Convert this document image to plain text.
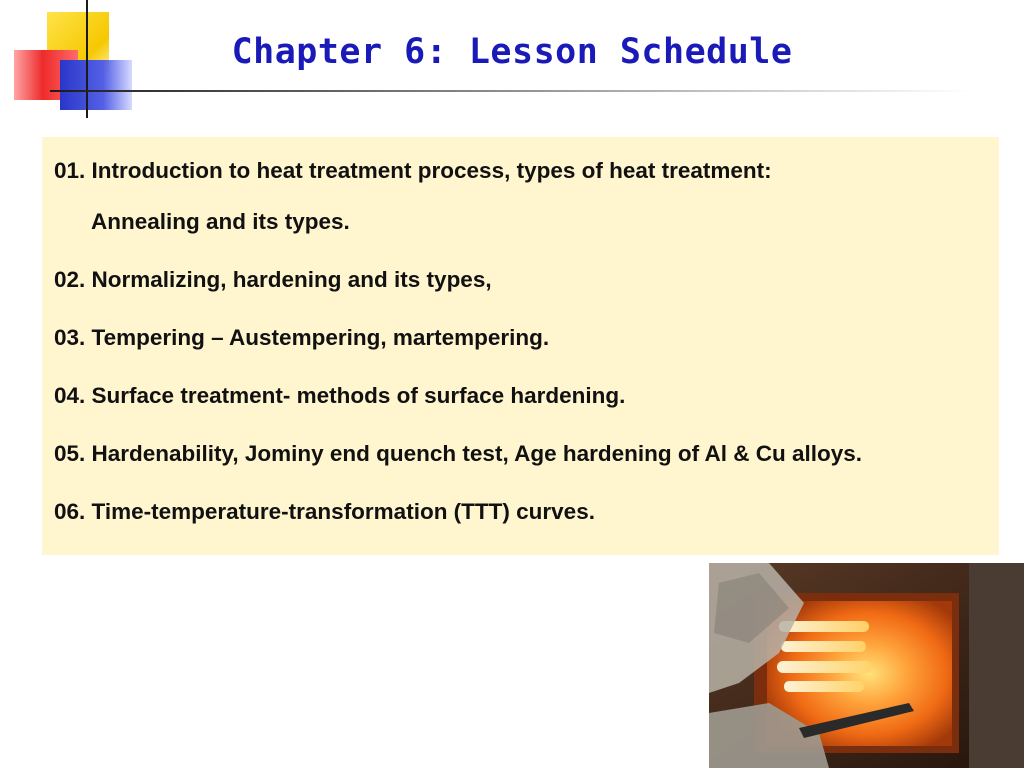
Chapter 6: Lesson Schedule
01. Introduction to heat treatment process, types of heat treatment:
Annealing and its types.
02. Normalizing, hardening and its types,
03. Tempering – Austempering, martempering.
04. Surface treatment- methods of surface hardening.
05. Hardenability, Jominy end quench test, Age hardening of Al & Cu alloys.
06. Time-temperature-transformation (TTT) curves.
